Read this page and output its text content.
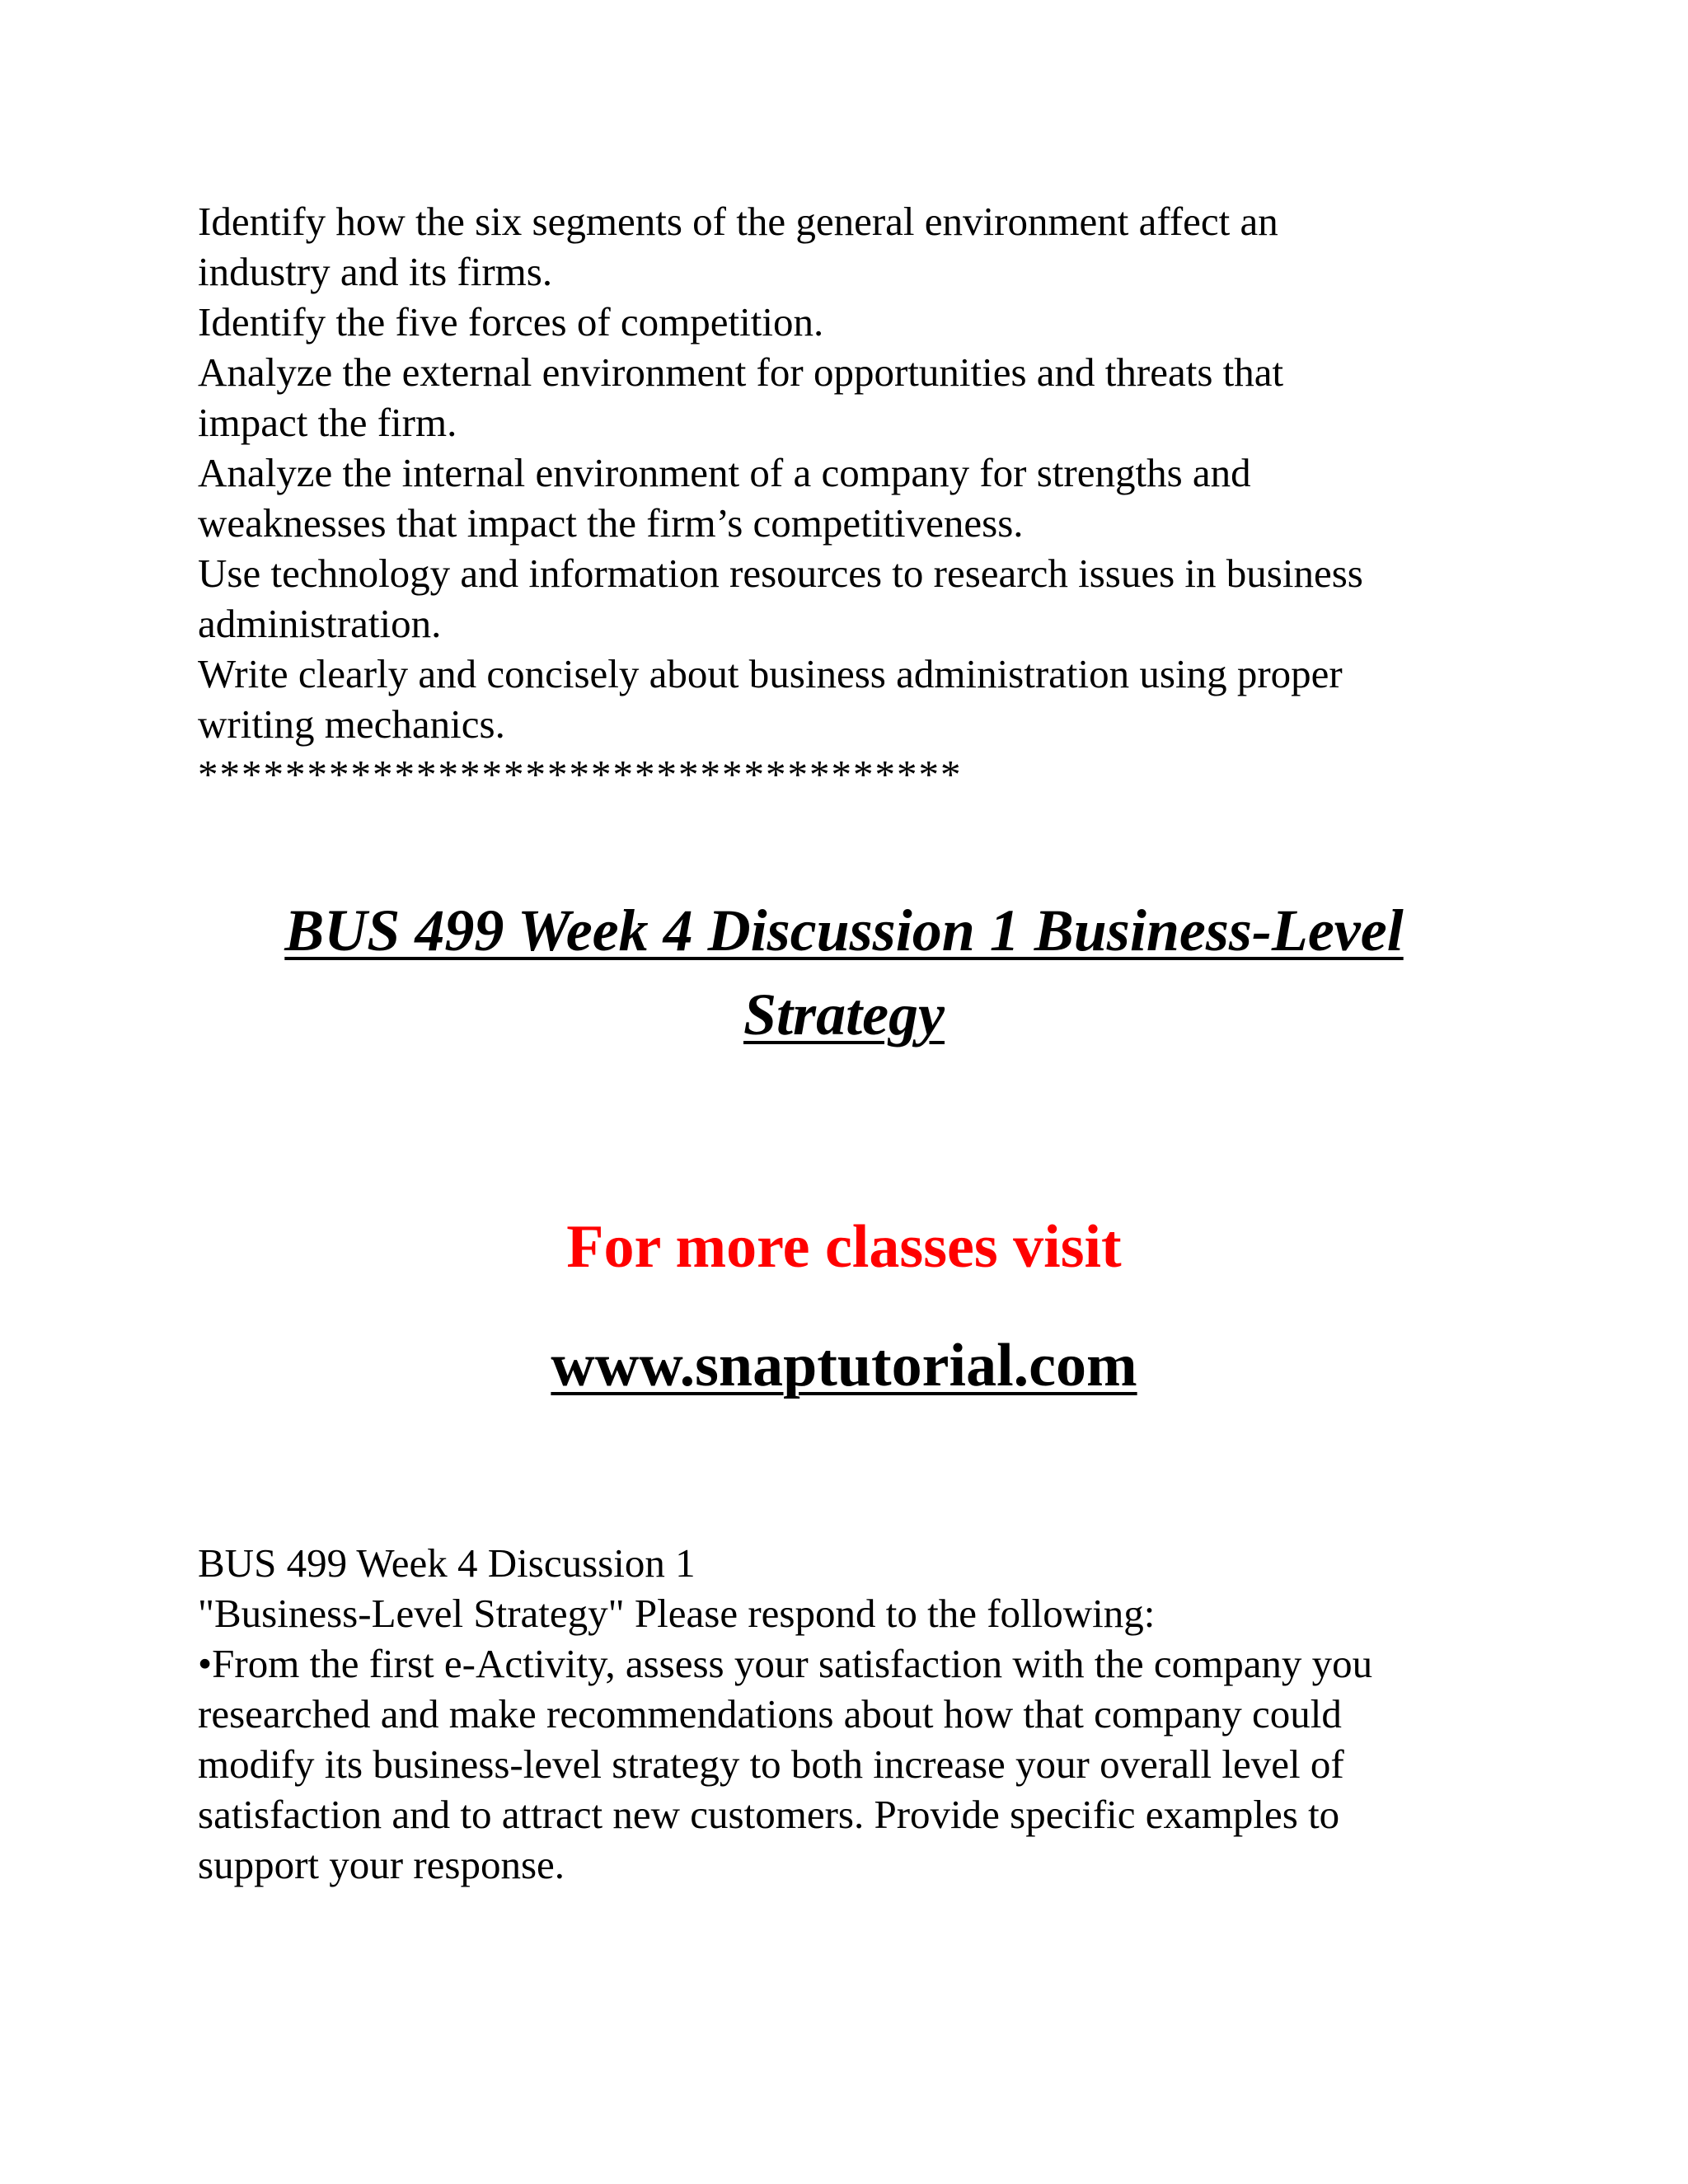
Identify how the six segments of the general environment affect an
industry and its firms.
Identify the five forces of competition.
Analyze the external environment for opportunities and threats that
impact the firm.
Analyze the internal environment of a company for strengths and
weaknesses that impact the firm’s competitiveness.
Use technology and information resources to research issues in business
administration.
Write clearly and concisely about business administration using proper
writing mechanics.
***********************************
BUS 499 Week 4 Discussion 1 Business-Level
Strategy
For more classes visit
www.snaptutorial.com
BUS 499 Week 4 Discussion 1
"Business-Level Strategy" Please respond to the following:
•From the first e-Activity, assess your satisfaction with the company you
researched and make recommendations about how that company could
modify its business-level strategy to both increase your overall level of
satisfaction and to attract new customers. Provide specific examples to
support your response.
